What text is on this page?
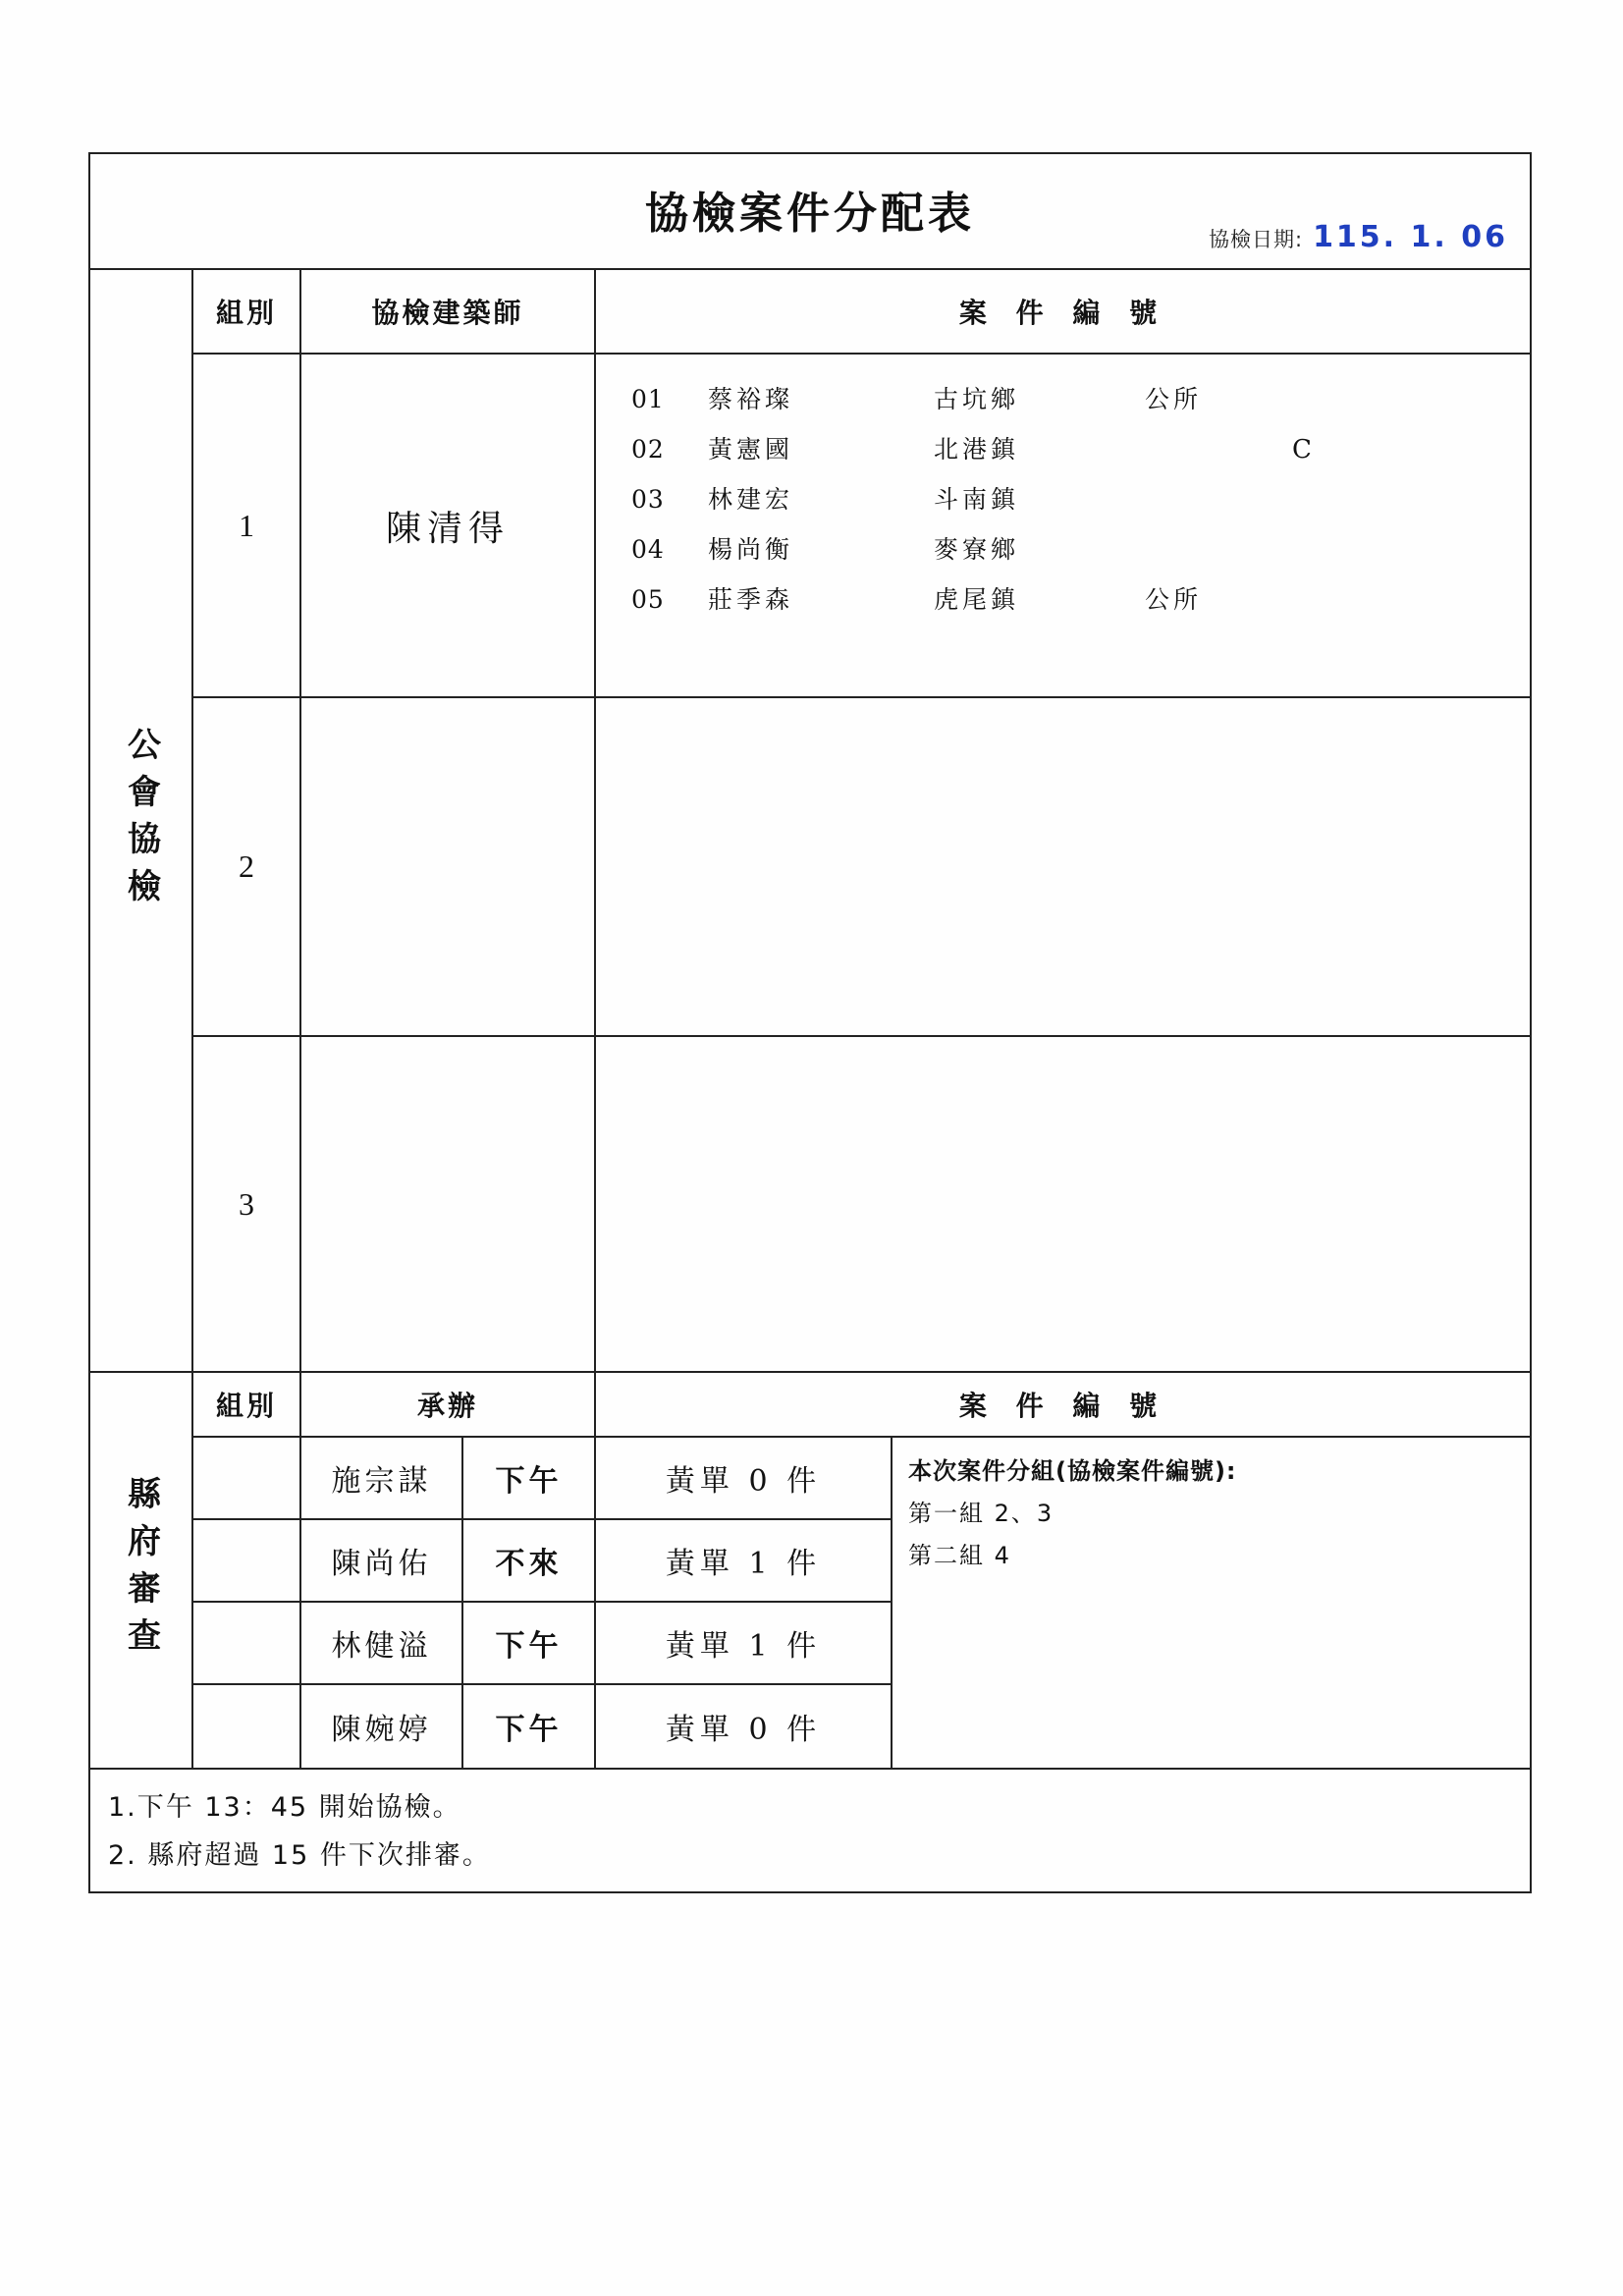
協檢案件分配表
協檢日期: 115. 1. 06
公會協檢
組別	協檢建築師	案 件 編 號
1	陳清得
01	蔡裕璨	古坑鄉	公所
02	黃憲國	北港鎮	C
03	林建宏	斗南鎮
04	楊尚衡	麥寮鄉
05	莊季森	虎尾鎮	公所
2
3
縣府審查
組別	承辦	案 件 編 號
施宗謀 下午	黃單 0 件
陳尚佑 不來	黃單 1 件
林健溢 下午	黃單 1 件
陳婉婷 下午	黃單 0 件
本次案件分組(協檢案件編號):
第一組 2、3
第二組 4
1.下午 13：45 開始協檢。
2. 縣府超過 15 件下次排審。
